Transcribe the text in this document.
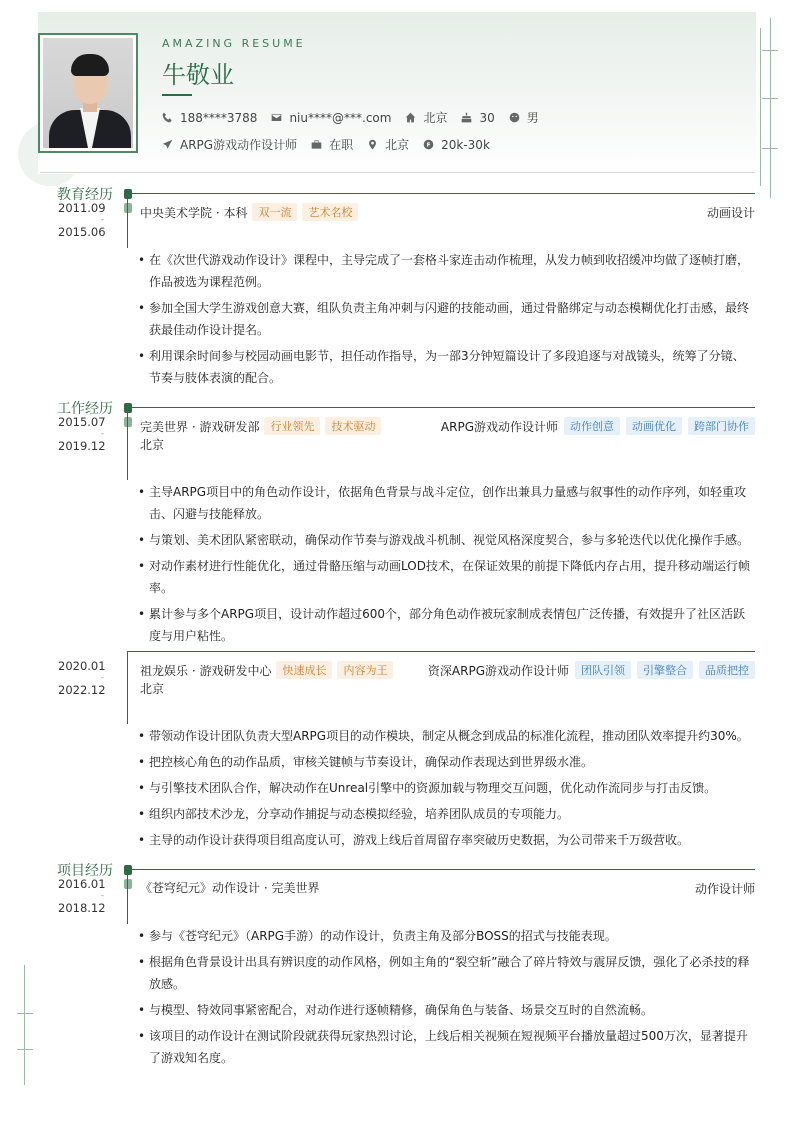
AMAZING RESUME
牛敬业
188****3788	niu****@***.com	北京	30	男
ARPG游戏动作设计师	在职	北京	20k-30k
教育经历
2011.09
-
2015.06
中央美术学院 · 本科	双一流	艺术名校	动画设计
• 在《次世代游戏动作设计》课程中，主导完成了一套格斗家连击动作梳理，从发力帧到收招缓冲均做了逐帧打磨，作品被选为课程范例。
• 参加全国大学生游戏创意大赛，组队负责主角冲刺与闪避的技能动画，通过骨骼绑定与动态模糊优化打击感，最终获最佳动作设计提名。
• 利用课余时间参与校园动画电影节，担任动作指导，为一部3分钟短篇设计了多段追逐与对战镜头，统筹了分镜、节奏与肢体表演的配合。
工作经历
2015.07
-
2019.12
完美世界 · 游戏研发部	行业领先	技术驱动	ARPG游戏动作设计师	动作创意	动画优化	跨部门协作
北京
• 主导ARPG项目中的角色动作设计，依据角色背景与战斗定位，创作出兼具力量感与叙事性的动作序列，如轻重攻击、闪避与技能释放。
• 与策划、美术团队紧密联动，确保动作节奏与游戏战斗机制、视觉风格深度契合，参与多轮迭代以优化操作手感。
• 对动作素材进行性能优化，通过骨骼压缩与动画LOD技术，在保证效果的前提下降低内存占用，提升移动端运行帧率。
• 累计参与多个ARPG项目，设计动作超过600个，部分角色动作被玩家制成表情包广泛传播，有效提升了社区活跃度与用户粘性。
2020.01
-
2022.12
祖龙娱乐 · 游戏研发中心	快速成长	内容为王	资深ARPG游戏动作设计师	团队引领	引擎整合	品质把控
北京
• 带领动作设计团队负责大型ARPG项目的动作模块，制定从概念到成品的标准化流程，推动团队效率提升约30%。
• 把控核心角色的动作品质，审核关键帧与节奏设计，确保动作表现达到世界级水准。
• 与引擎技术团队合作，解决动作在Unreal引擎中的资源加载与物理交互问题，优化动作流同步与打击反馈。
• 组织内部技术沙龙，分享动作捕捉与动态模拟经验，培养团队成员的专项能力。
• 主导的动作设计获得项目组高度认可，游戏上线后首周留存率突破历史数据，为公司带来千万级营收。
项目经历
2016.01
-
2018.12
《苍穹纪元》动作设计 · 完美世界	动作设计师
• 参与《苍穹纪元》（ARPG手游）的动作设计，负责主角及部分BOSS的招式与技能表现。
• 根据角色背景设计出具有辨识度的动作风格，例如主角的“裂空斩”融合了碎片特效与震屏反馈，强化了必杀技的释放感。
• 与模型、特效同事紧密配合，对动作进行逐帧精修，确保角色与装备、场景交互时的自然流畅。
• 该项目的动作设计在测试阶段就获得玩家热烈讨论，上线后相关视频在短视频平台播放量超过500万次，显著提升了游戏知名度。
